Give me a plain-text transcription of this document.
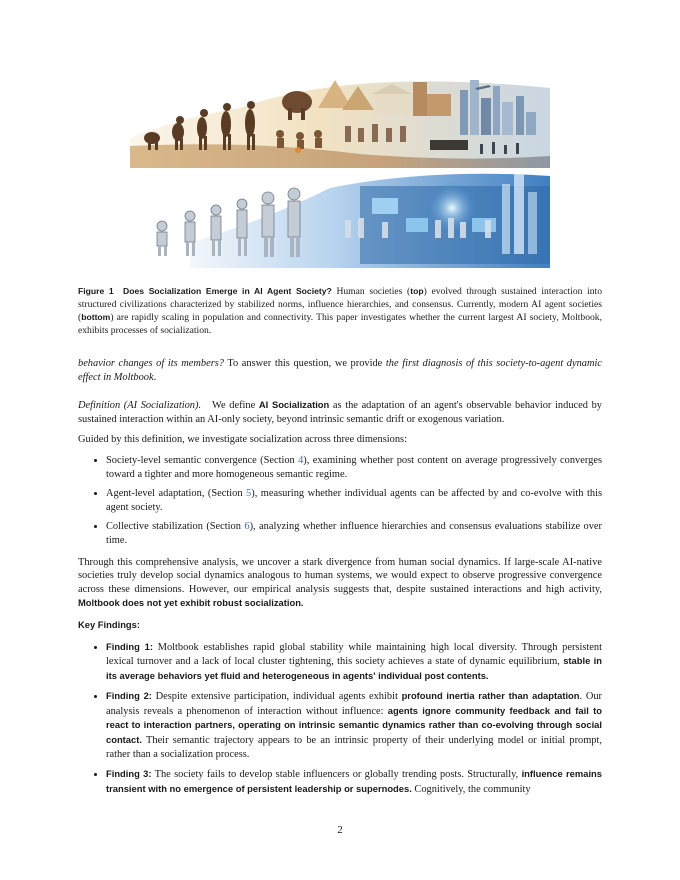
Figure 1 Does Socialization Emerge in AI Agent Society? Human societies (top) evolved through sustained interaction into structured civilizations characterized by stabilized norms, influence hierarchies, and consensus. Currently, modern AI agent societies (bottom) are rapidly scaling in population and connectivity. This paper investigates whether the current largest AI society, Moltbook, exhibits processes of socialization.

behavior changes of its members? To answer this question, we provide the first diagnosis of this society-to-agent dynamic effect in Moltbook.

Definition (AI Socialization). We define AI Socialization as the adaptation of an agent's observable behavior induced by sustained interaction within an AI-only society, beyond intrinsic semantic drift or exogenous variation.

Guided by this definition, we investigate socialization across three dimensions:

• Society-level semantic convergence (Section 4), examining whether post content on average progressively converges toward a tighter and more homogeneous semantic regime.
• Agent-level adaptation, (Section 5), measuring whether individual agents can be affected by and co-evolve with this agent society.
• Collective stabilization (Section 6), analyzing whether influence hierarchies and consensus evaluations stabilize over time.

Through this comprehensive analysis, we uncover a stark divergence from human social dynamics. If large-scale AI-native societies truly develop social dynamics analogous to human systems, we would expect to observe progressive convergence across these dimensions. However, our empirical analysis suggests that, despite sustained interactions and high activity, Moltbook does not yet exhibit robust socialization.

Key Findings:
• Finding 1: Moltbook establishes rapid global stability while maintaining high local diversity. Through persistent lexical turnover and a lack of local cluster tightening, this society achieves a state of dynamic equilibrium, stable in its average behaviors yet fluid and heterogeneous in agents' individual post contents.
• Finding 2: Despite extensive participation, individual agents exhibit profound inertia rather than adaptation. Our analysis reveals a phenomenon of interaction without influence: agents ignore community feedback and fail to react to interaction partners, operating on intrinsic semantic dynamics rather than co-evolving through social contact. Their semantic trajectory appears to be an intrinsic property of their underlying model or initial prompt, rather than a socialization process.
• Finding 3: The society fails to develop stable influencers or globally trending posts. Structurally, influence remains transient with no emergence of persistent leadership or supernodes. Cognitively, the community
2
